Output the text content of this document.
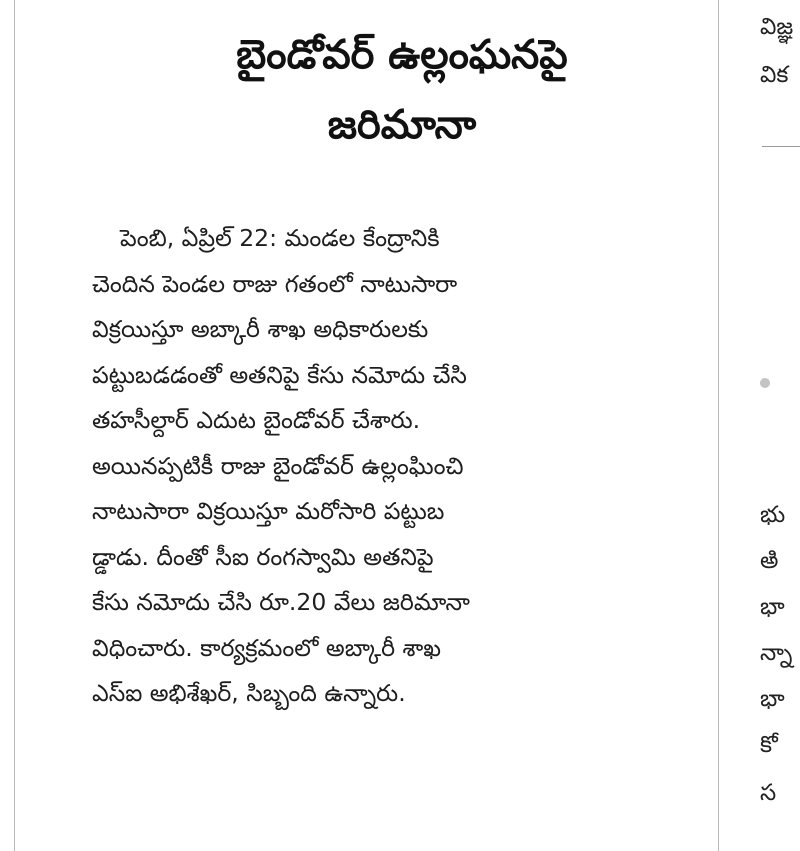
బైండోవర్ ఉల్లంఘనపై
జరిమానా
పెంబి, ఏప్రిల్ 22: మండల కేంద్రానికి
చెందిన పెండల రాజు గతంలో నాటుసారా
విక్రయిస్తూ అబ్కారీ శాఖ అధికారులకు
పట్టుబడడంతో అతనిపై కేసు నమోదు చేసి
తహసీల్దార్ ఎదుట బైండోవర్ చేశారు.
అయినప్పటికీ రాజు బైండోవర్ ఉల్లంఘించి
నాటుసారా విక్రయిస్తూ మరోసారి పట్టుబ
డ్డాడు. దీంతో సీఐ రంగస్వామి అతనిపై
కేసు నమోదు చేసి రూ.20 వేలు జరిమానా
విధించారు. కార్యక్రమంలో అబ్కారీ శాఖ
ఎస్ఐ అభిశేఖర్, సిబ్బంది ఉన్నారు.
విజ్ఞ
విక
భు
అి
భా
న్నా
భా
కో
స
